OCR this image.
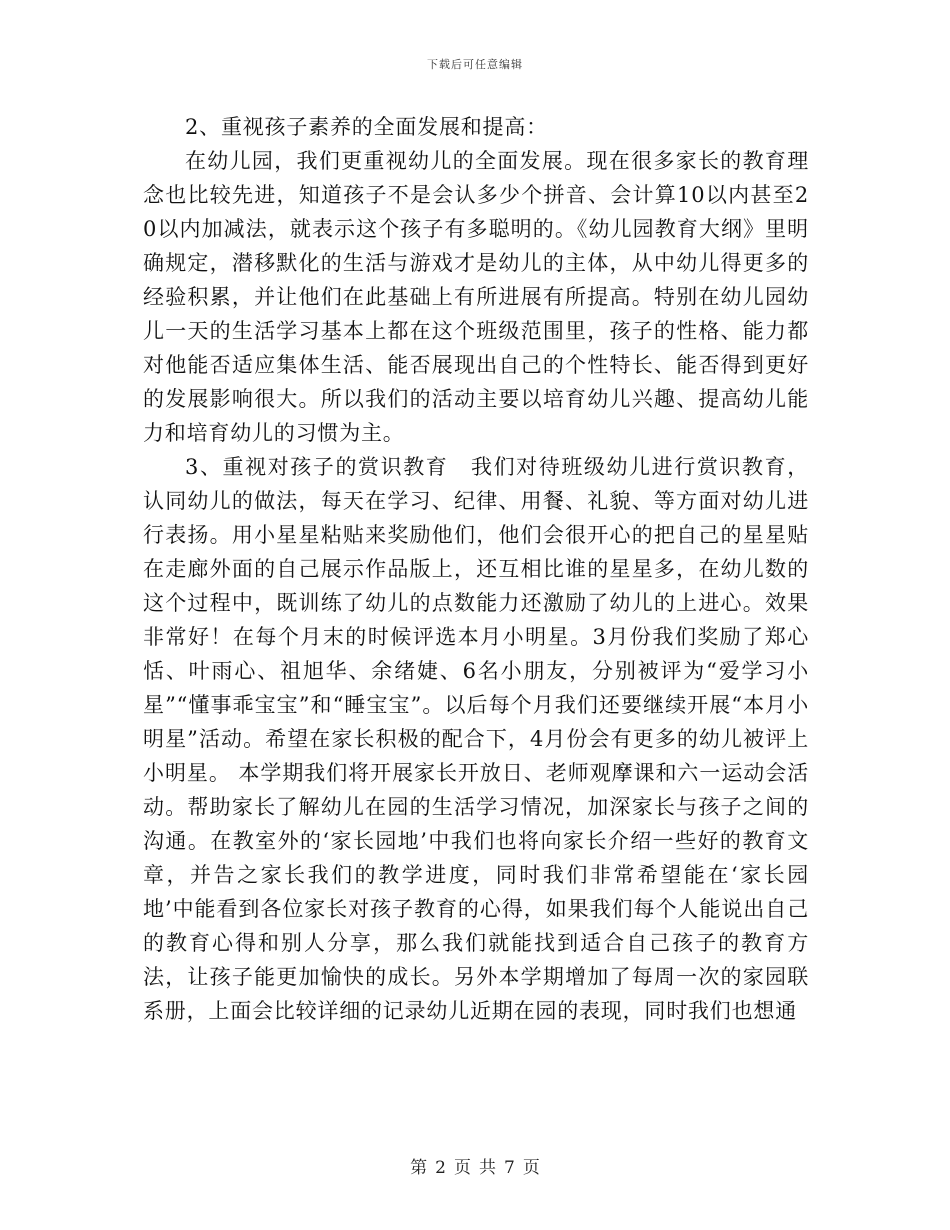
下载后可任意编辑

2、重视孩子素养的全面发展和提高：

在幼儿园，我们更重视幼儿的全面发展。现在很多家长的教育理念也比较先进，知道孩子不是会认多少个拼音、会计算10以内甚至20以内加减法，就表示这个孩子有多聪明的。《幼儿园教育大纲》里明确规定，潜移默化的生活与游戏才是幼儿的主体，从中幼儿得更多的经验积累，并让他们在此基础上有所进展有所提高。特别在幼儿园幼儿一天的生活学习基本上都在这个班级范围里，孩子的性格、能力都对他能否适应集体生活、能否展现出自己的个性特长、能否得到更好的发展影响很大。所以我们的活动主要以培育幼儿兴趣、提高幼儿能力和培育幼儿的习惯为主。

3、重视对孩子的赏识教育　我们对待班级幼儿进行赏识教育，认同幼儿的做法，每天在学习、纪律、用餐、礼貌、等方面对幼儿进行表扬。用小星星粘贴来奖励他们，他们会很开心的把自己的星星贴在走廊外面的自己展示作品版上，还互相比谁的星星多，在幼儿数的这个过程中，既训练了幼儿的点数能力还激励了幼儿的上进心。效果非常好！在每个月末的时候评选本月小明星。3月份我们奖励了郑心恬、叶雨心、祖旭华、余绪婕、6名小朋友，分别被评为“爱学习小星”“懂事乖宝宝”和“睡宝宝”。以后每个月我们还要继续开展“本月小明星”活动。希望在家长积极的配合下，4月份会有更多的幼儿被评上小明星。 本学期我们将开展家长开放日、老师观摩课和六一运动会活动。帮助家长了解幼儿在园的生活学习情况，加深家长与孩子之间的沟通。在教室外的‘家长园地’中我们也将向家长介绍一些好的教育文章，并告之家长我们的教学进度，同时我们非常希望能在‘家长园地’中能看到各位家长对孩子教育的心得，如果我们每个人能说出自己的教育心得和别人分享，那么我们就能找到适合自己孩子的教育方法，让孩子能更加愉快的成长。另外本学期增加了每周一次的家园联系册，上面会比较详细的记录幼儿近期在园的表现，同时我们也想通

第 2 页 共 7 页
